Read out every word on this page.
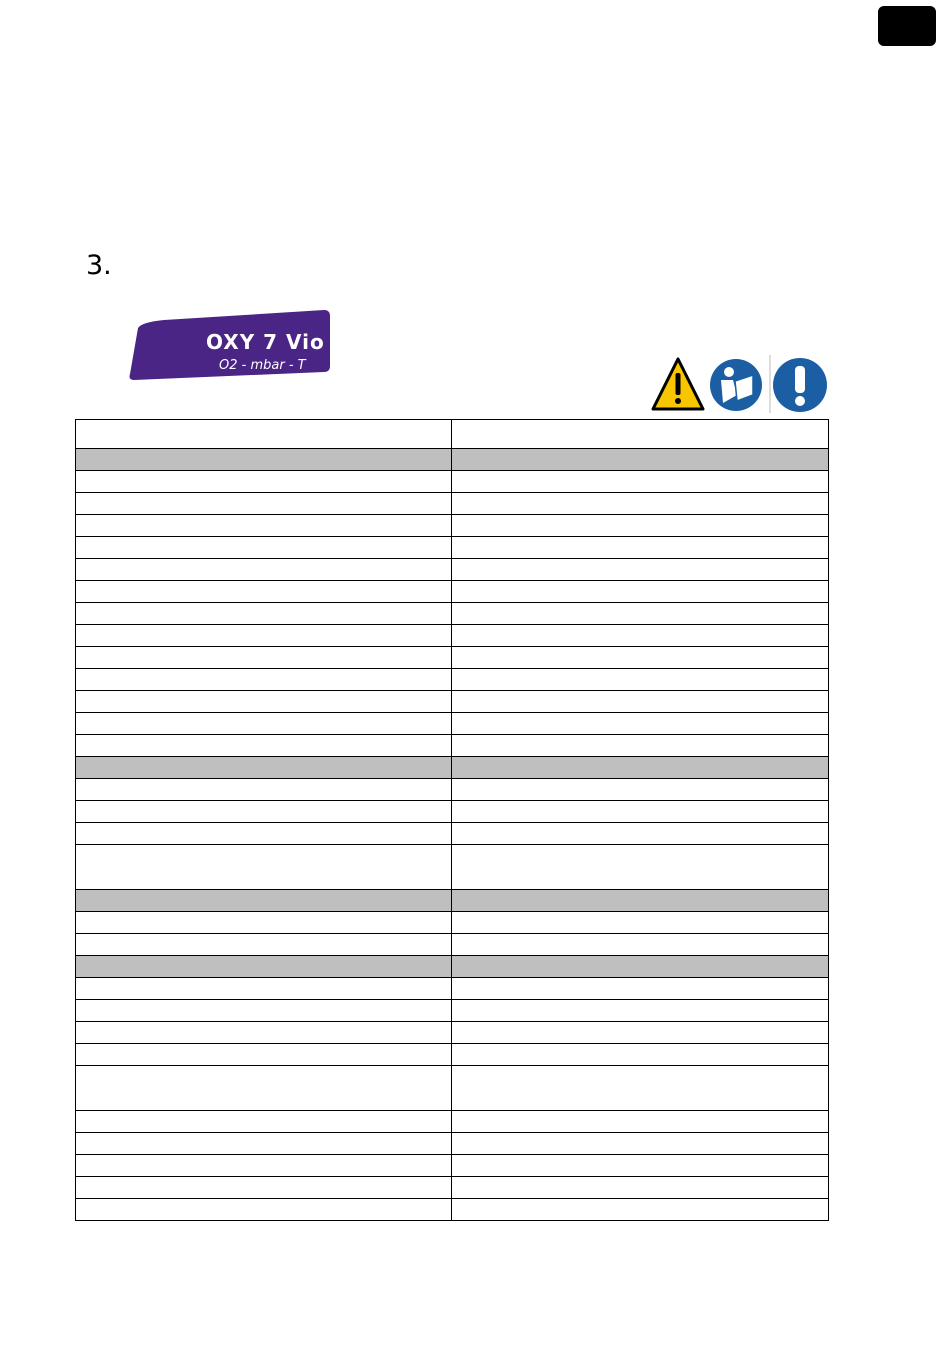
3.
OXY 7 Vio
O2 - mbar - T
